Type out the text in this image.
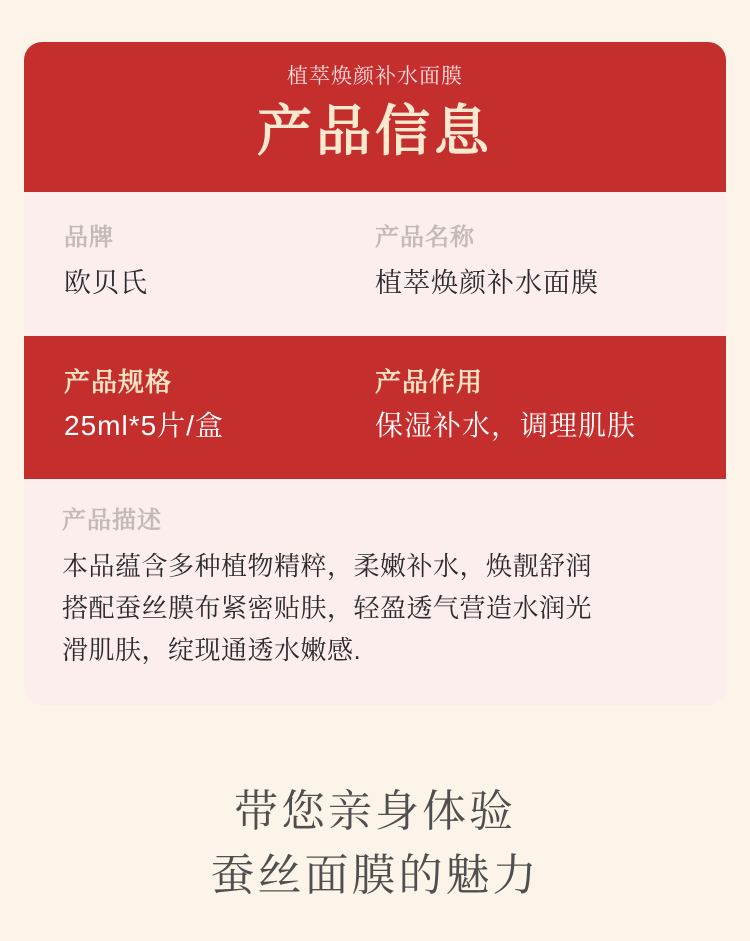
植萃焕颜补水面膜
产品信息
品牌
欧贝氏
产品名称
植萃焕颜补水面膜
产品规格
25ml*5片/盒
产品作用
保湿补水，调理肌肤
产品描述
本品蕴含多种植物精粹，柔嫩补水，焕靓舒润
搭配蚕丝膜布紧密贴肤，轻盈透气营造水润光
滑肌肤，绽现通透水嫩感.
带您亲身体验
蚕丝面膜的魅力
